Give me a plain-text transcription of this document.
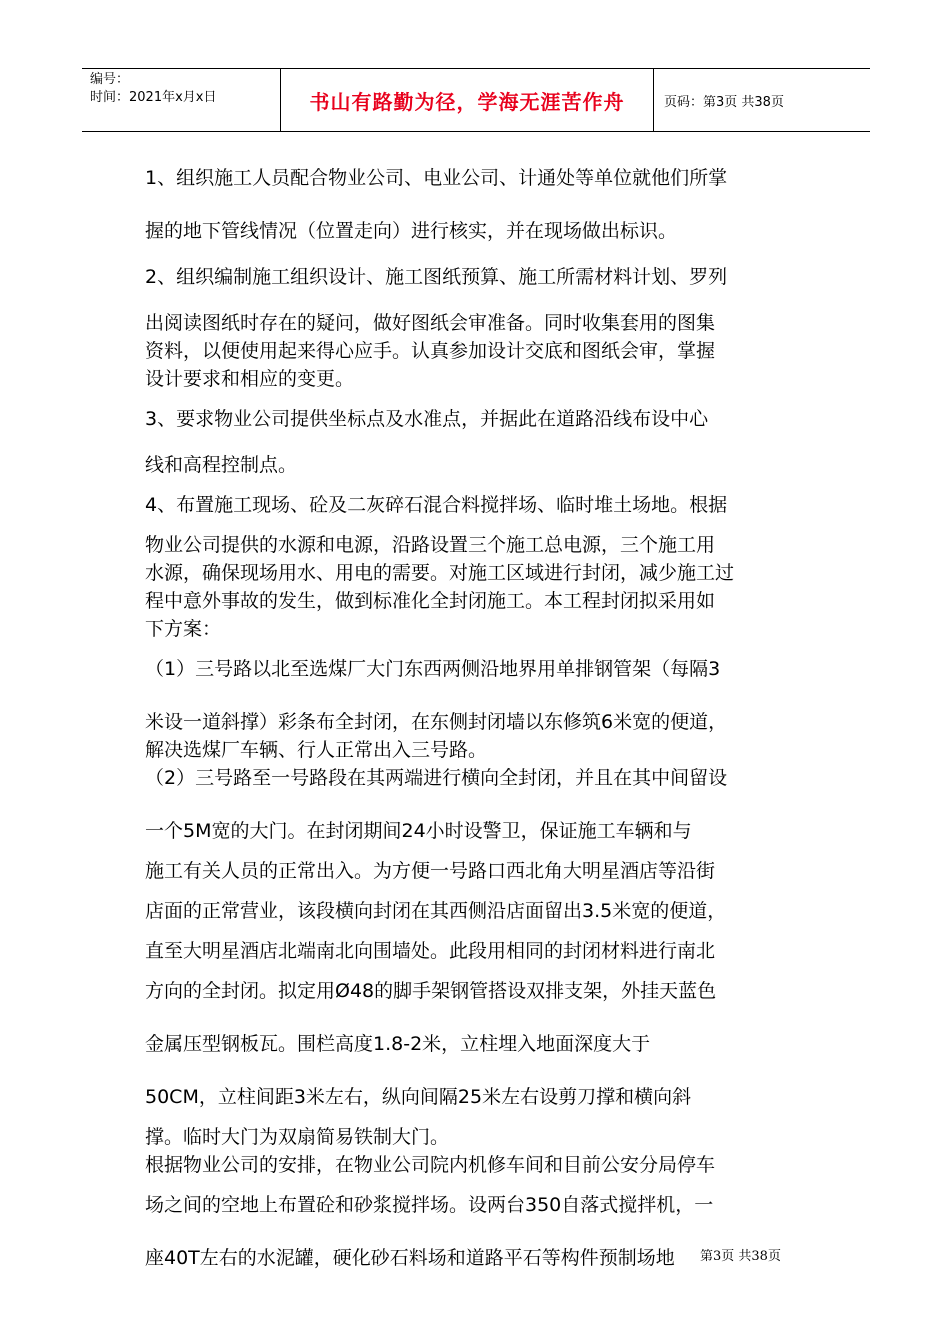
编号：
时间：2021年x月x日	书山有路勤为径，学海无涯苦作舟	页码：第3页 共38页
1、组织施工人员配合物业公司、电业公司、计通处等单位就他们所掌
握的地下管线情况（位置走向）进行核实，并在现场做出标识。
2、组织编制施工组织设计、施工图纸预算、施工所需材料计划、罗列
出阅读图纸时存在的疑问，做好图纸会审准备。同时收集套用的图集
资料，以便使用起来得心应手。认真参加设计交底和图纸会审，掌握
设计要求和相应的变更。
3、要求物业公司提供坐标点及水准点，并据此在道路沿线布设中心
线和高程控制点。
4、布置施工现场、砼及二灰碎石混合料搅拌场、临时堆土场地。根据
物业公司提供的水源和电源，沿路设置三个施工总电源，三个施工用
水源，确保现场用水、用电的需要。对施工区域进行封闭，减少施工过
程中意外事故的发生，做到标准化全封闭施工。本工程封闭拟采用如
下方案：
（1）三号路以北至选煤厂大门东西两侧沿地界用单排钢管架（每隔3
米设一道斜撑）彩条布全封闭，在东侧封闭墙以东修筑6米宽的便道，
解决选煤厂车辆、行人正常出入三号路。
（2）三号路至一号路段在其两端进行横向全封闭，并且在其中间留设
一个5M宽的大门。在封闭期间24小时设警卫，保证施工车辆和与
施工有关人员的正常出入。为方便一号路口西北角大明星酒店等沿街
店面的正常营业，该段横向封闭在其西侧沿店面留出3.5米宽的便道，
直至大明星酒店北端南北向围墙处。此段用相同的封闭材料进行南北
方向的全封闭。拟定用Ø48的脚手架钢管搭设双排支架，外挂天蓝色
金属压型钢板瓦。围栏高度1.8-2米，立柱埋入地面深度大于
50CM，立柱间距3米左右，纵向间隔25米左右设剪刀撑和横向斜
撑。临时大门为双扇简易铁制大门。
根据物业公司的安排，在物业公司院内机修车间和目前公安分局停车
场之间的空地上布置砼和砂浆搅拌场。设两台350自落式搅拌机，一
座40T左右的水泥罐，硬化砂石料场和道路平石等构件预制场地	第3页 共38页
